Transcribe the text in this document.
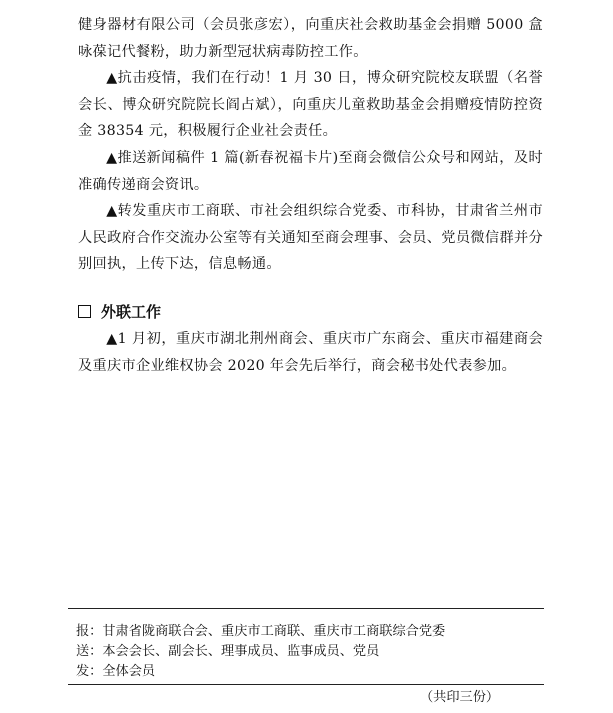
健身器材有限公司（会员张彦宏），向重庆社会救助基金会捐赠 5000 盒咏葆记代餐粉，助力新型冠状病毒防控工作。

▲抗击疫情，我们在行动！1 月 30 日，博众研究院校友联盟（名誉会长、博众研究院院长阎占斌），向重庆儿童救助基金会捐赠疫情防控资金 38354 元，积极履行企业社会责任。

▲推送新闻稿件 1 篇(新春祝福卡片)至商会微信公众号和网站，及时准确传递商会资讯。

▲转发重庆市工商联、市社会组织综合党委、市科协，甘肃省兰州市人民政府合作交流办公室等有关通知至商会理事、会员、党员微信群并分别回执，上传下达，信息畅通。

外联工作

▲1 月初，重庆市湖北荆州商会、重庆市广东商会、重庆市福建商会及重庆市企业维权协会 2020 年会先后举行，商会秘书处代表参加。

报：甘肃省陇商联合会、重庆市工商联、重庆市工商联综合党委
送：本会会长、副会长、理事成员、监事成员、党员
发：全体会员
（共印三份）
